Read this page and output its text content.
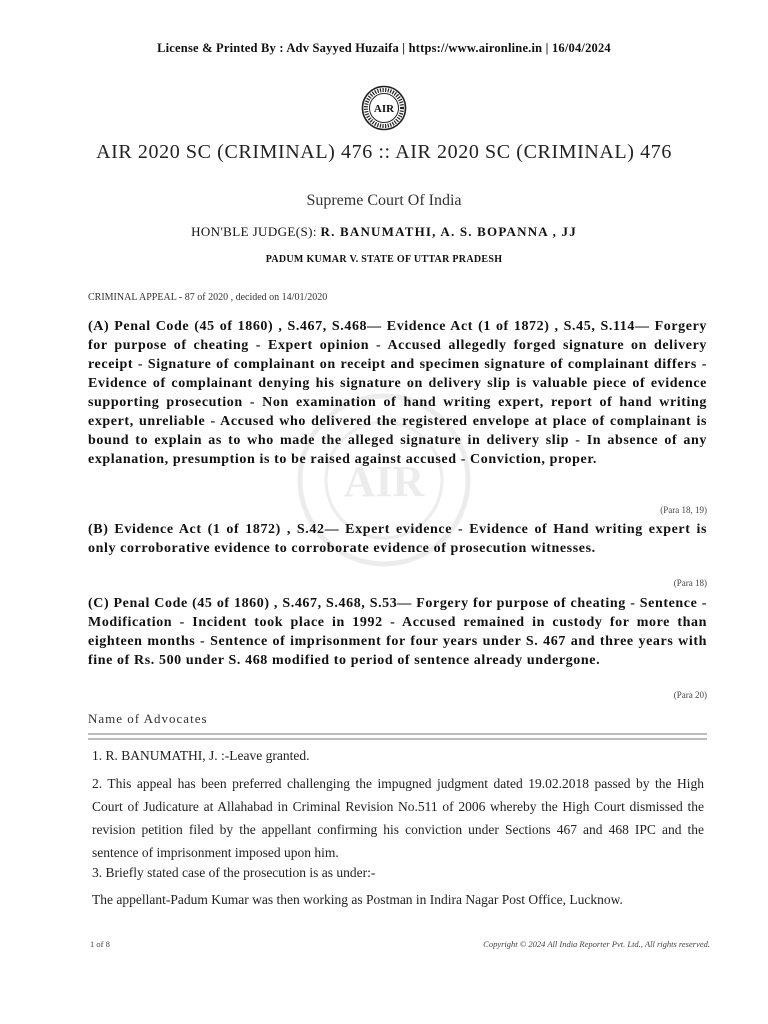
License & Printed By : Adv Sayyed Huzaifa | https://www.aironline.in | 16/04/2024
AIR
AIR
AIR 2020 SC (CRIMINAL) 476 :: AIR 2020 SC (CRIMINAL) 476
Supreme Court Of India
HON'BLE JUDGE(S): R. BANUMATHI, A. S. BOPANNA , JJ
PADUM KUMAR V. STATE OF UTTAR PRADESH
CRIMINAL APPEAL - 87 of 2020 , decided on 14/01/2020
(A) Penal Code (45 of 1860) , S.467, S.468— Evidence Act (1 of 1872) , S.45, S.114— Forgery for purpose of cheating - Expert opinion - Accused allegedly forged signature on delivery receipt - Signature of complainant on receipt and specimen signature of complainant differs - Evidence of complainant denying his signature on delivery slip is valuable piece of evidence supporting prosecution - Non examination of hand writing expert, report of hand writing expert, unreliable - Accused who delivered the registered envelope at place of complainant is bound to explain as to who made the alleged signature in delivery slip - In absence of any explanation, presumption is to be raised against accused - Conviction, proper.
(Para 18, 19)
(B) Evidence Act (1 of 1872) , S.42— Expert evidence - Evidence of Hand writing expert is only corroborative evidence to corroborate evidence of prosecution witnesses.
(Para 18)
(C) Penal Code (45 of 1860) , S.467, S.468, S.53— Forgery for purpose of cheating - Sentence - Modification - Incident took place in 1992 - Accused remained in custody for more than eighteen months - Sentence of imprisonment for four years under S. 467 and three years with fine of Rs. 500 under S. 468 modified to period of sentence already undergone.
(Para 20)
Name of Advocates
1. R. BANUMATHI, J. :-Leave granted.
2. This appeal has been preferred challenging the impugned judgment dated 19.02.2018 passed by the High Court of Judicature at Allahabad in Criminal Revision No.511 of 2006 whereby the High Court dismissed the revision petition filed by the appellant confirming his conviction under Sections 467 and 468 IPC and the sentence of imprisonment imposed upon him.
3. Briefly stated case of the prosecution is as under:-
The appellant-Padum Kumar was then working as Postman in Indira Nagar Post Office, Lucknow.
1 of 8	Copyright © 2024 All India Reporter Pvt. Ltd., All rights reserved.
